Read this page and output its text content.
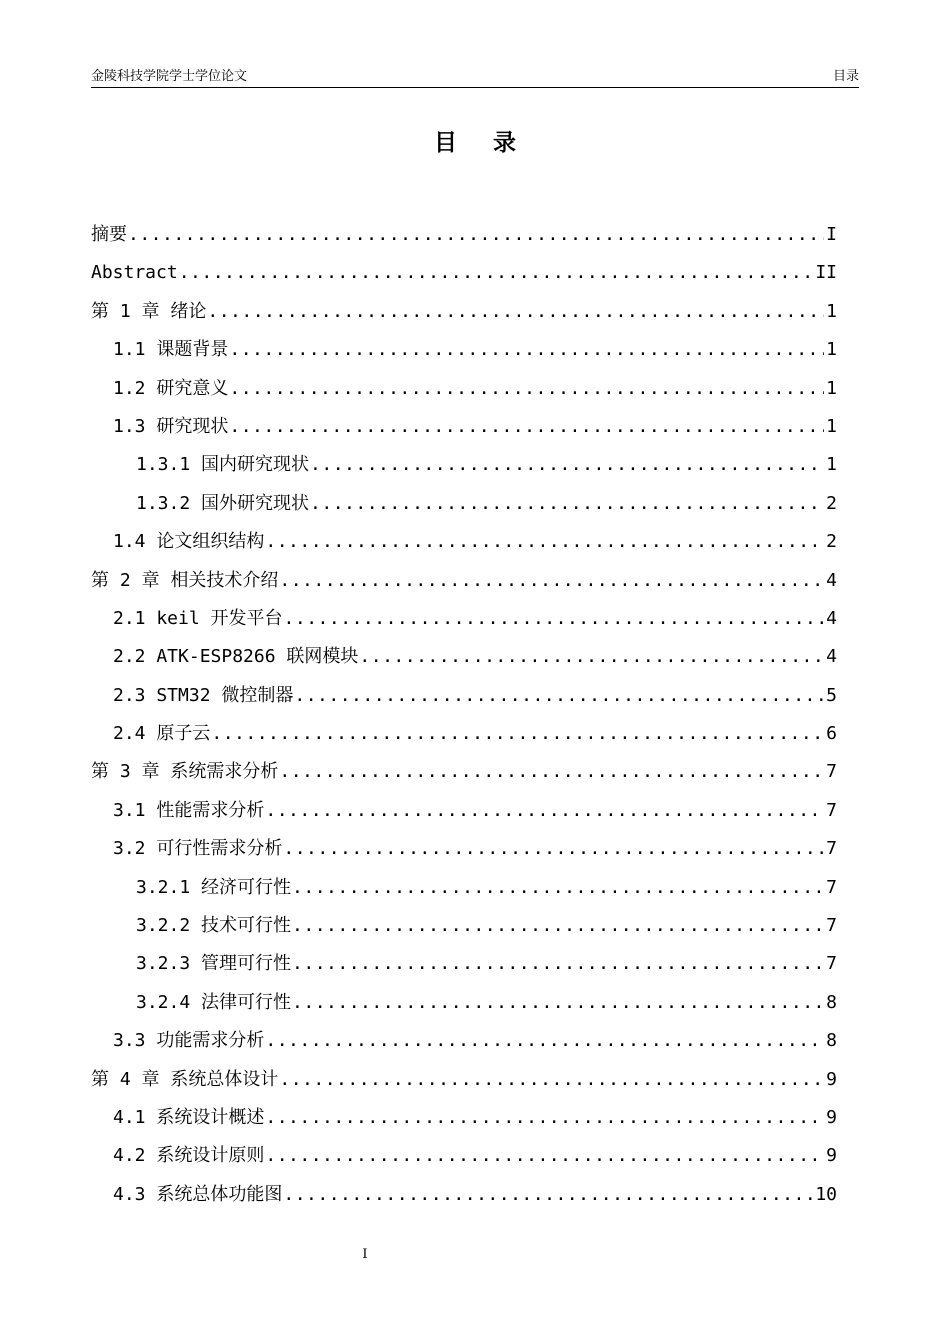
金陵科技学院学士学位论文	目录
目 录
摘要 .....	I
Abstract .....	II
第 1 章 绪论 .....	1
1.1 课题背景 .....	1
1.2 研究意义 .....	1
1.3 研究现状 .....	1
1.3.1 国内研究现状 .....	1
1.3.2 国外研究现状 .....	2
1.4 论文组织结构 .....	2
第 2 章 相关技术介绍 .....	4
2.1 keil 开发平台 .....	4
2.2 ATK-ESP8266 联网模块 .....	4
2.3 STM32 微控制器 .....	5
2.4 原子云 .....	6
第 3 章 系统需求分析 .....	7
3.1 性能需求分析 .....	7
3.2 可行性需求分析 .....	7
3.2.1 经济可行性 .....	7
3.2.2 技术可行性 .....	7
3.2.3 管理可行性 .....	7
3.2.4 法律可行性 .....	8
3.3 功能需求分析 .....	8
第 4 章 系统总体设计 .....	9
4.1 系统设计概述 .....	9
4.2 系统设计原则 .....	9
4.3 系统总体功能图 .....	10
I
